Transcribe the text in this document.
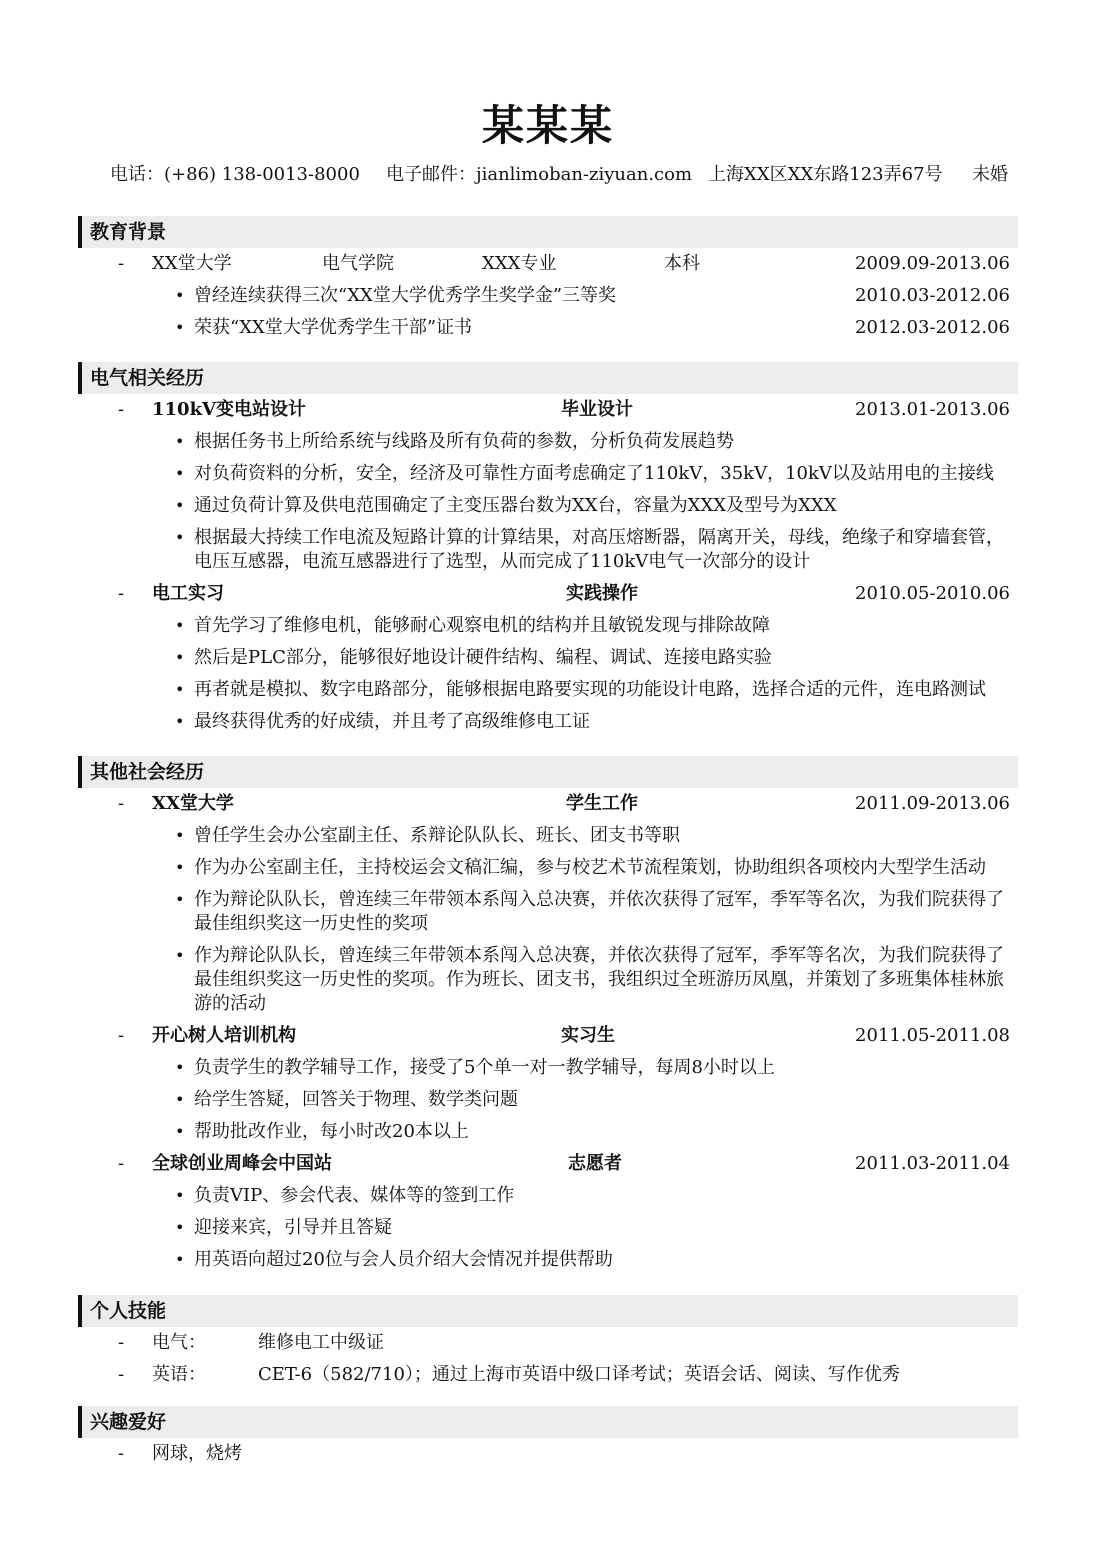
某某某
电话：(+86) 138-0013-8000 电子邮件：jianlimoban-ziyuan.com 上海XX区XX东路123弄67号 未婚
教育背景
- XX堂大学	电气学院	XXX专业	本科	2009.09-2013.06
• 曾经连续获得三次“XX堂大学优秀学生奖学金”三等奖	2010.03-2012.06
• 荣获“XX堂大学优秀学生干部”证书	2012.03-2012.06
电气相关经历
- 110kV变电站设计	毕业设计	2013.01-2013.06
• 根据任务书上所给系统与线路及所有负荷的参数，分析负荷发展趋势
• 对负荷资料的分析，安全，经济及可靠性方面考虑确定了110kV，35kV，10kV以及站用电的主接线
• 通过负荷计算及供电范围确定了主变压器台数为XX台，容量为XXX及型号为XXX
• 根据最大持续工作电流及短路计算的计算结果，对高压熔断器，隔离开关，母线，绝缘子和穿墙套管，电压互感器，电流互感器进行了选型，从而完成了110kV电气一次部分的设计
- 电工实习	实践操作	2010.05-2010.06
• 首先学习了维修电机，能够耐心观察电机的结构并且敏锐发现与排除故障
• 然后是PLC部分，能够很好地设计硬件结构、编程、调试、连接电路实验
• 再者就是模拟、数字电路部分，能够根据电路要实现的功能设计电路，选择合适的元件，连电路测试
• 最终获得优秀的好成绩，并且考了高级维修电工证
其他社会经历
- XX堂大学	学生工作	2011.09-2013.06
• 曾任学生会办公室副主任、系辩论队队长、班长、团支书等职
• 作为办公室副主任，主持校运会文稿汇编，参与校艺术节流程策划，协助组织各项校内大型学生活动
• 作为辩论队队长，曾连续三年带领本系闯入总决赛，并依次获得了冠军，季军等名次，为我们院获得了最佳组织奖这一历史性的奖项
• 作为辩论队队长，曾连续三年带领本系闯入总决赛，并依次获得了冠军，季军等名次，为我们院获得了最佳组织奖这一历史性的奖项。作为班长、团支书，我组织过全班游历凤凰，并策划了多班集体桂林旅游的活动
- 开心树人培训机构	实习生	2011.05-2011.08
• 负责学生的教学辅导工作，接受了5个单一对一教学辅导，每周8小时以上
• 给学生答疑，回答关于物理、数学类问题
• 帮助批改作业，每小时改20本以上
- 全球创业周峰会中国站	志愿者	2011.03-2011.04
• 负责VIP、参会代表、媒体等的签到工作
• 迎接来宾，引导并且答疑
• 用英语向超过20位与会人员介绍大会情况并提供帮助
个人技能
- 电气：	维修电工中级证
- 英语：	CET-6（582/710）；通过上海市英语中级口译考试；英语会话、阅读、写作优秀
兴趣爱好
- 网球，烧烤
